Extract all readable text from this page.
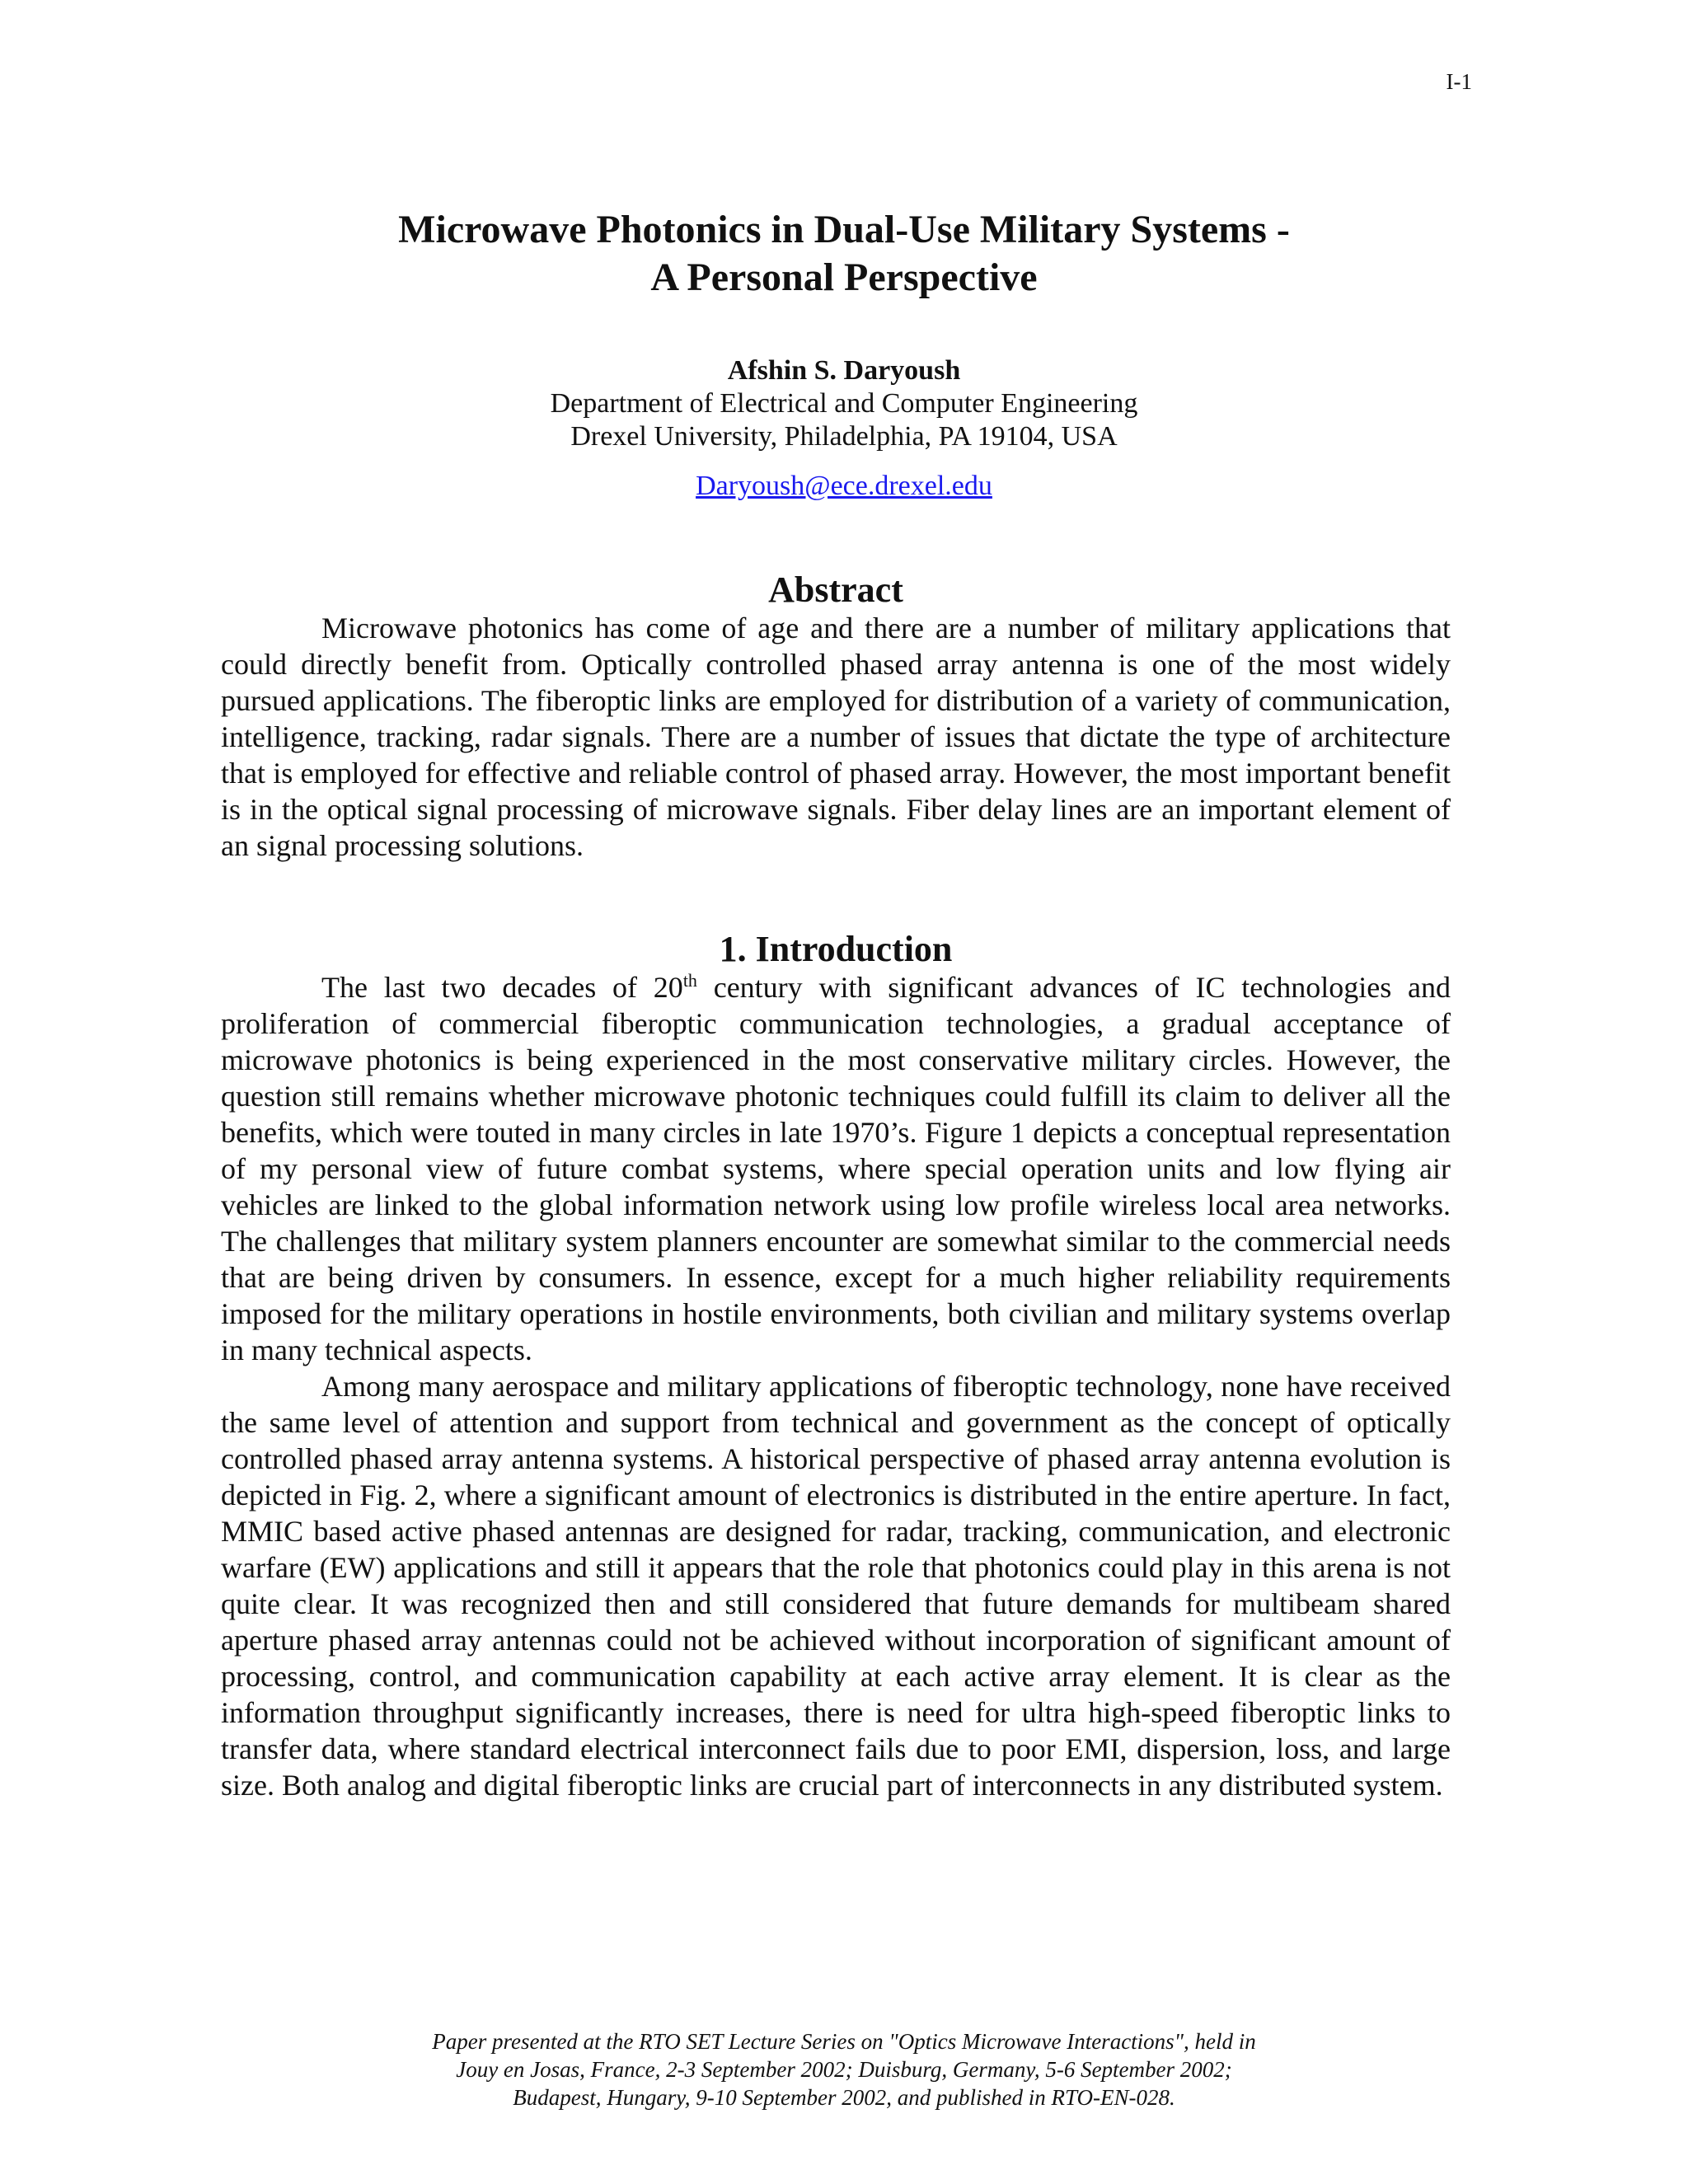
I-1
Microwave Photonics in Dual-Use Military Systems -
A Personal Perspective
Afshin S. Daryoush
Department of Electrical and Computer Engineering
Drexel University, Philadelphia, PA 19104, USA
Daryoush@ece.drexel.edu
Abstract

Microwave photonics has come of age and there are a number of military applications that could directly benefit from. Optically controlled phased array antenna is one of the most widely pursued applications. The fiberoptic links are employed for distribution of a variety of communication, intelligence, tracking, radar signals. There are a number of issues that dictate the type of architecture that is employed for effective and reliable control of phased array. However, the most important benefit is in the optical signal processing of microwave signals. Fiber delay lines are an important element of an signal processing solutions.

1. Introduction

The last two decades of 20th century with significant advances of IC technologies and proliferation of commercial fiberoptic communication technologies, a gradual acceptance of microwave photonics is being experienced in the most conservative military circles. However, the question still remains whether microwave photonic techniques could fulfill its claim to deliver all the benefits, which were touted in many circles in late 1970’s. Figure 1 depicts a conceptual representation of my personal view of future combat systems, where special operation units and low flying air vehicles are linked to the global information network using low profile wireless local area networks. The challenges that military system planners encounter are somewhat similar to the commercial needs that are being driven by consumers. In essence, except for a much higher reliability requirements imposed for the military operations in hostile environments, both civilian and military systems overlap in many technical aspects.

Among many aerospace and military applications of fiberoptic technology, none have received the same level of attention and support from technical and government as the concept of optically controlled phased array antenna systems. A historical perspective of phased array antenna evolution is depicted in Fig. 2, where a significant amount of electronics is distributed in the entire aperture. In fact, MMIC based active phased antennas are designed for radar, tracking, communication, and electronic warfare (EW) applications and still it appears that the role that photonics could play in this arena is not quite clear. It was recognized then and still considered that future demands for multibeam shared aperture phased array antennas could not be achieved without incorporation of significant amount of processing, control, and communication capability at each active array element. It is clear as the information throughput significantly increases, there is need for ultra high-speed fiberoptic links to transfer data, where standard electrical interconnect fails due to poor EMI, dispersion, loss, and large size. Both analog and digital fiberoptic links are crucial part of interconnects in any distributed system.

Paper presented at the RTO SET Lecture Series on "Optics Microwave Interactions", held in
Jouy en Josas, France, 2-3 September 2002; Duisburg, Germany, 5-6 September 2002;
Budapest, Hungary, 9-10 September 2002, and published in RTO-EN-028.
